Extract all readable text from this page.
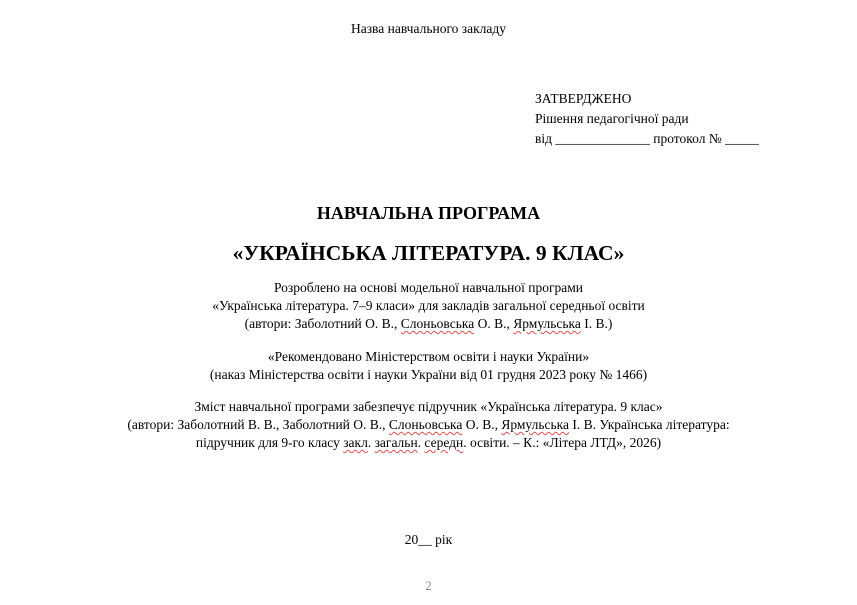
Назва навчального закладу
ЗАТВЕРДЖЕНО
Рішення педагогічної ради
від ______________ протокол № _____
НАВЧАЛЬНА ПРОГРАМА
«УКРАЇНСЬКА ЛІТЕРАТУРА. 9 КЛАС»
Розроблено на основі модельної навчальної програми
«Українська література. 7–9 класи» для закладів загальної середньої освіти
(автори: Заболотний О. В., Слоньовська О. В., Ярмульська І. В.)
«Рекомендовано Міністерством освіти і науки України»
(наказ Міністерства освіти і науки України від 01 грудня 2023 року № 1466)
Зміст навчальної програми забезпечує підручник «Українська література. 9 клас»
(автори: Заболотний В. В., Заболотний О. В., Слоньовська О. В., Ярмульська І. В. Українська література:
підручник для 9-го класу закл. загальн. середн. освіти. – К.: «Літера ЛТД», 2026)
20__ рік
2
